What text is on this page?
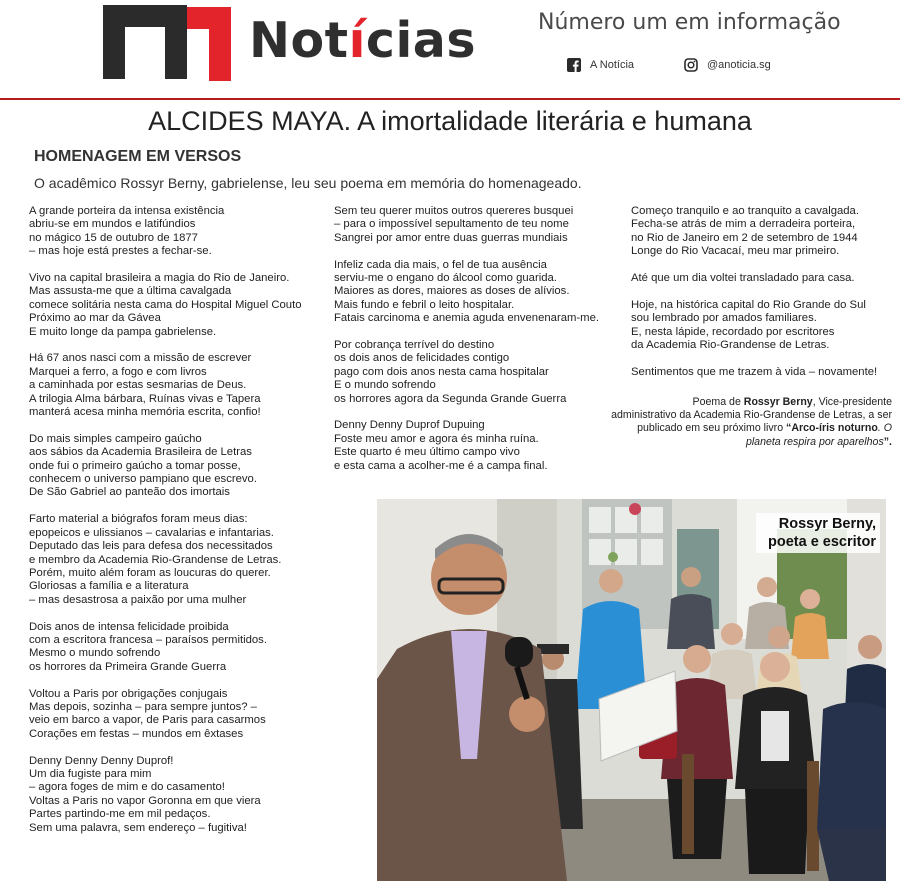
Notícias	Número um em informação
A Notícia	@anoticia.sg
ALCIDES MAYA. A imortalidade literária e humana
HOMENAGEM EM VERSOS
O acadêmico Rossyr Berny, gabrielense, leu seu poema em memória do homenageado.
A grande porteira da intensa existência
abriu-se em mundos e latifúndios
no mágico 15 de outubro de 1877
– mas hoje está prestes a fechar-se.
Vivo na capital brasileira a magia do Rio de Janeiro.
Mas assusta-me que a última cavalgada
comece solitária nesta cama do Hospital Miguel Couto
Próximo ao mar da Gávea
E muito longe da pampa gabrielense.
Há 67 anos nasci com a missão de escrever
Marquei a ferro, a fogo e com livros
a caminhada por estas sesmarias de Deus.
A trilogia Alma bárbara, Ruínas vivas e Tapera
manterá acesa minha memória escrita, confio!
Do mais simples campeiro gaúcho
aos sábios da Academia Brasileira de Letras
onde fui o primeiro gaúcho a tomar posse,
conhecem o universo pampiano que escrevo.
De São Gabriel ao panteão dos imortais
Farto material a biógrafos foram meus dias:
epopeicos e ulissianos – cavalarias e infantarias.
Deputado das leis para defesa dos necessitados
e membro da Academia Rio-Grandense de Letras.
Porém, muito além foram as loucuras do querer.
Gloriosas a família e a literatura
– mas desastrosa a paixão por uma mulher
Dois anos de intensa felicidade proibida
com a escritora francesa – paraísos permitidos.
Mesmo o mundo sofrendo
os horrores da Primeira Grande Guerra
Voltou a Paris por obrigações conjugais
Mas depois, sozinha – para sempre juntos? –
veio em barco a vapor, de Paris para casarmos
Corações em festas – mundos em êxtases
Denny Denny Denny Duprof!
Um dia fugiste para mim
– agora foges de mim e do casamento!
Voltas a Paris no vapor Goronna em que viera
Partes partindo-me em mil pedaços.
Sem uma palavra, sem endereço – fugitiva!
Sem teu querer muitos outros quereres busquei
– para o impossível sepultamento de teu nome
Sangrei por amor entre duas guerras mundiais
Infeliz cada dia mais, o fel de tua ausência
serviu-me o engano do álcool como guarida.
Maiores as dores, maiores as doses de alívios.
Mais fundo e febril o leito hospitalar.
Fatais carcinoma e anemia aguda envenenaram-me.
Por cobrança terrível do destino
os dois anos de felicidades contigo
pago com dois anos nesta cama hospitalar
E o mundo sofrendo
os horrores agora da Segunda Grande Guerra
Denny Denny Duprof Dupuing
Foste meu amor e agora és minha ruína.
Este quarto é meu último campo vivo
e esta cama a acolher-me é a campa final.
Começo tranquilo e ao tranquito a cavalgada.
Fecha-se atrás de mim a derradeira porteira,
no Rio de Janeiro em 2 de setembro de 1944
Longe do Rio Vacacaí, meu mar primeiro.
Até que um dia voltei transladado para casa.
Hoje, na histórica capital do Rio Grande do Sul
sou lembrado por amados familiares.
E, nesta lápide, recordado por escritores
da Academia Rio-Grandense de Letras.
Sentimentos que me trazem à vida – novamente!
Poema de Rossyr Berny, Vice-presidente administrativo da Academia Rio-Grandense de Letras, a ser publicado em seu próximo livro “Arco-íris noturno. O planeta respira por aparelhos”.
Rossyr Berny,
poeta e escritor
